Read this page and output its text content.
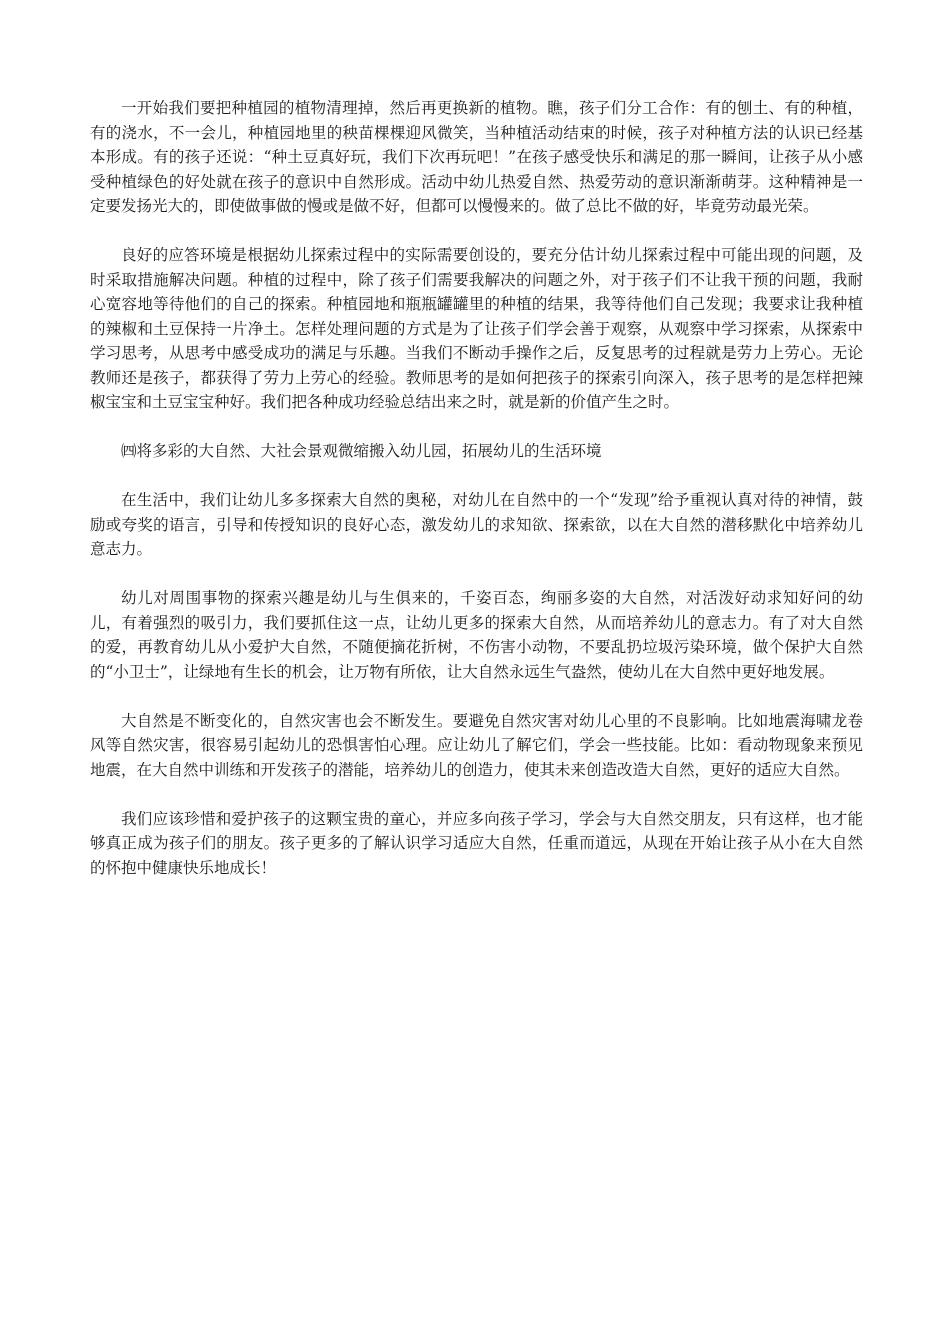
一开始我们要把种植园的植物清理掉，然后再更换新的植物。瞧，孩子们分工合作：有的刨土、有的种植，有的浇水，不一会儿，种植园地里的秧苗棵棵迎风微笑，当种植活动结束的时候，孩子对种植方法的认识已经基本形成。有的孩子还说：“种土豆真好玩，我们下次再玩吧！”在孩子感受快乐和满足的那一瞬间，让孩子从小感受种植绿色的好处就在孩子的意识中自然形成。活动中幼儿热爱自然、热爱劳动的意识渐渐萌芽。这种精神是一定要发扬光大的，即使做事做的慢或是做不好，但都可以慢慢来的。做了总比不做的好，毕竟劳动最光荣。

良好的应答环境是根据幼儿探索过程中的实际需要创设的，要充分估计幼儿探索过程中可能出现的问题，及时采取措施解决问题。种植的过程中，除了孩子们需要我解决的问题之外，对于孩子们不让我干预的问题，我耐心宽容地等待他们的自己的探索。种植园地和瓶瓶罐罐里的种植的结果，我等待他们自己发现；我要求让我种植的辣椒和土豆保持一片净土。怎样处理问题的方式是为了让孩子们学会善于观察，从观察中学习探索，从探索中学习思考，从思考中感受成功的满足与乐趣。当我们不断动手操作之后，反复思考的过程就是劳力上劳心。无论教师还是孩子，都获得了劳力上劳心的经验。教师思考的是如何把孩子的探索引向深入，孩子思考的是怎样把辣椒宝宝和土豆宝宝种好。我们把各种成功经验总结出来之时，就是新的价值产生之时。

㈣将多彩的大自然、大社会景观微缩搬入幼儿园，拓展幼儿的生活环境

在生活中，我们让幼儿多多探索大自然的奥秘，对幼儿在自然中的一个“发现”给予重视认真对待的神情，鼓励或夸奖的语言，引导和传授知识的良好心态，激发幼儿的求知欲、探索欲，以在大自然的潜移默化中培养幼儿意志力。

幼儿对周围事物的探索兴趣是幼儿与生俱来的，千姿百态，绚丽多姿的大自然，对活泼好动求知好问的幼儿，有着强烈的吸引力，我们要抓住这一点，让幼儿更多的探索大自然，从而培养幼儿的意志力。有了对大自然的爱，再教育幼儿从小爱护大自然，不随便摘花折树，不伤害小动物，不要乱扔垃圾污染环境，做个保护大自然的“小卫士”，让绿地有生长的机会，让万物有所依，让大自然永远生气盎然，使幼儿在大自然中更好地发展。

大自然是不断变化的，自然灾害也会不断发生。要避免自然灾害对幼儿心里的不良影响。比如地震海啸龙卷风等自然灾害，很容易引起幼儿的恐惧害怕心理。应让幼儿了解它们，学会一些技能。比如：看动物现象来预见地震，在大自然中训练和开发孩子的潜能，培养幼儿的创造力，使其未来创造改造大自然，更好的适应大自然。

我们应该珍惜和爱护孩子的这颗宝贵的童心，并应多向孩子学习，学会与大自然交朋友，只有这样，也才能够真正成为孩子们的朋友。孩子更多的了解认识学习适应大自然，任重而道远，从现在开始让孩子从小在大自然的怀抱中健康快乐地成长！
